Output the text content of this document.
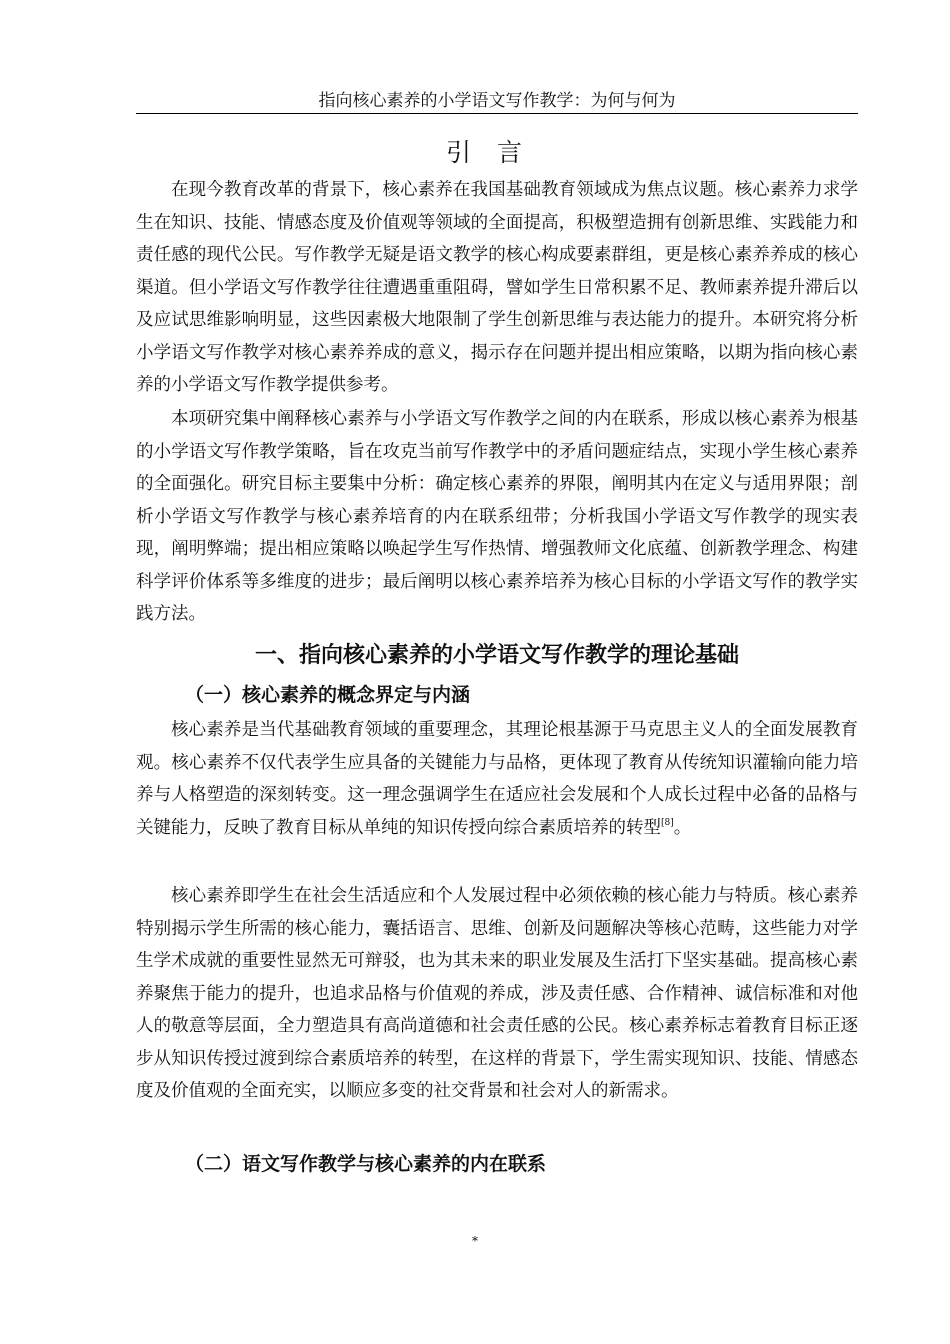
指向核心素养的小学语文写作教学：为何与何为
引言

在现今教育改革的背景下，核心素养在我国基础教育领域成为焦点议题。核心素养力求学生在知识、技能、情感态度及价值观等领域的全面提高，积极塑造拥有创新思维、实践能力和责任感的现代公民。写作教学无疑是语文教学的核心构成要素群组，更是核心素养养成的核心渠道。但小学语文写作教学往往遭遇重重阻碍，譬如学生日常积累不足、教师素养提升滞后以及应试思维影响明显，这些因素极大地限制了学生创新思维与表达能力的提升。本研究将分析小学语文写作教学对核心素养养成的意义，揭示存在问题并提出相应策略，以期为指向核心素养的小学语文写作教学提供参考。

本项研究集中阐释核心素养与小学语文写作教学之间的内在联系，形成以核心素养为根基的小学语文写作教学策略，旨在攻克当前写作教学中的矛盾问题症结点，实现小学生核心素养的全面强化。研究目标主要集中分析：确定核心素养的界限，阐明其内在定义与适用界限；剖析小学语文写作教学与核心素养培育的内在联系纽带；分析我国小学语文写作教学的现实表现，阐明弊端；提出相应策略以唤起学生写作热情、增强教师文化底蕴、创新教学理念、构建科学评价体系等多维度的进步；最后阐明以核心素养培养为核心目标的小学语文写作的教学实践方法。

一、指向核心素养的小学语文写作教学的理论基础
（一）核心素养的概念界定与内涵

核心素养是当代基础教育领域的重要理念，其理论根基源于马克思主义人的全面发展教育观。核心素养不仅代表学生应具备的关键能力与品格，更体现了教育从传统知识灌输向能力培养与人格塑造的深刻转变。这一理念强调学生在适应社会发展和个人成长过程中必备的品格与关键能力，反映了教育目标从单纯的知识传授向综合素质培养的转型[8]。

核心素养即学生在社会生活适应和个人发展过程中必须依赖的核心能力与特质。核心素养特别揭示学生所需的核心能力，囊括语言、思维、创新及问题解决等核心范畴，这些能力对学生学术成就的重要性显然无可辩驳，也为其未来的职业发展及生活打下坚实基础。提高核心素养聚焦于能力的提升，也追求品格与价值观的养成，涉及责任感、合作精神、诚信标准和对他人的敬意等层面，全力塑造具有高尚道德和社会责任感的公民。核心素养标志着教育目标正逐步从知识传授过渡到综合素质培养的转型，在这样的背景下，学生需实现知识、技能、情感态度及价值观的全面充实，以顺应多变的社交背景和社会对人的新需求。

（二）语文写作教学与核心素养的内在联系
*
